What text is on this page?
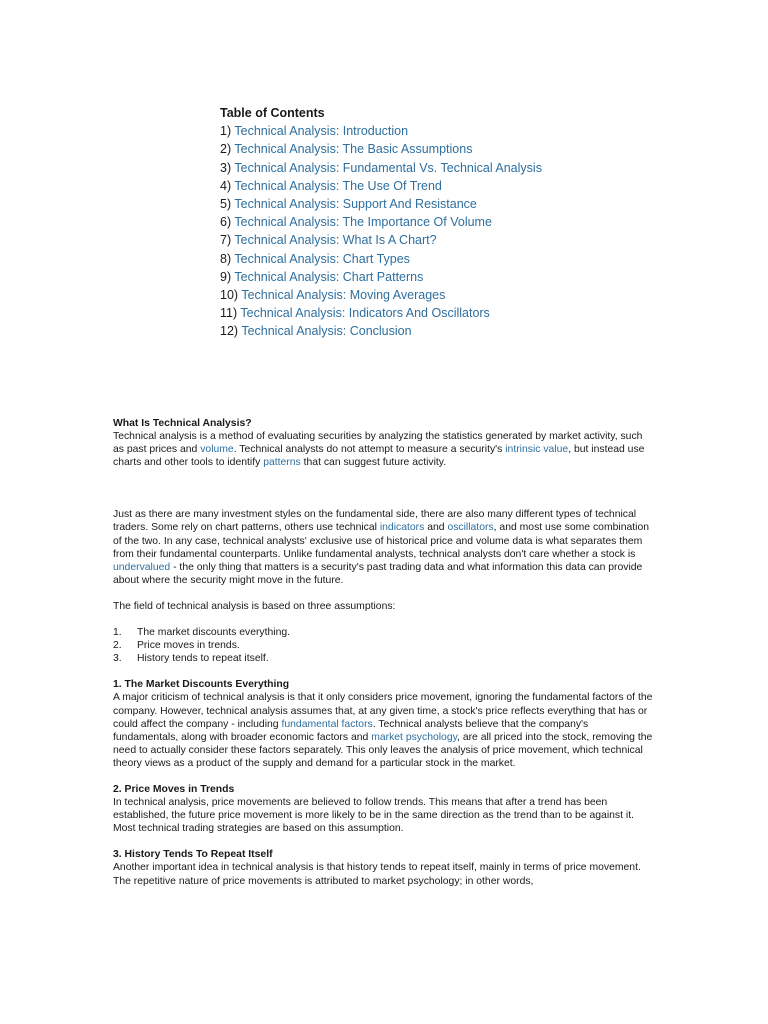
Table of Contents
1) Technical Analysis: Introduction
2) Technical Analysis: The Basic Assumptions
3) Technical Analysis: Fundamental Vs. Technical Analysis
4) Technical Analysis: The Use Of Trend
5) Technical Analysis: Support And Resistance
6) Technical Analysis: The Importance Of Volume
7) Technical Analysis: What Is A Chart?
8) Technical Analysis: Chart Types
9) Technical Analysis: Chart Patterns
10) Technical Analysis: Moving Averages
11) Technical Analysis: Indicators And Oscillators
12) Technical Analysis: Conclusion
What Is Technical Analysis?

Technical analysis is a method of evaluating securities by analyzing the statistics generated by market activity, such as past prices and volume. Technical analysts do not attempt to measure a security's intrinsic value, but instead use charts and other tools to identify patterns that can suggest future activity.

Just as there are many investment styles on the fundamental side, there are also many different types of technical traders. Some rely on chart patterns, others use technical indicators and oscillators, and most use some combination of the two. In any case, technical analysts' exclusive use of historical price and volume data is what separates them from their fundamental counterparts. Unlike fundamental analysts, technical analysts don't care whether a stock is undervalued - the only thing that matters is a security's past trading data and what information this data can provide about where the security might move in the future.

The field of technical analysis is based on three assumptions:

1.	The market discounts everything.
2.	Price moves in trends.
3.	History tends to repeat itself.
1. The Market Discounts Everything

A major criticism of technical analysis is that it only considers price movement, ignoring the fundamental factors of the company. However, technical analysis assumes that, at any given time, a stock's price reflects everything that has or could affect the company - including fundamental factors. Technical analysts believe that the company's fundamentals, along with broader economic factors and market psychology, are all priced into the stock, removing the need to actually consider these factors separately. This only leaves the analysis of price movement, which technical theory views as a product of the supply and demand for a particular stock in the market.

2. Price Moves in Trends

In technical analysis, price movements are believed to follow trends. This means that after a trend has been established, the future price movement is more likely to be in the same direction as the trend than to be against it. Most technical trading strategies are based on this assumption.

3. History Tends To Repeat Itself

Another important idea in technical analysis is that history tends to repeat itself, mainly in terms of price movement. The repetitive nature of price movements is attributed to market psychology; in other words,
